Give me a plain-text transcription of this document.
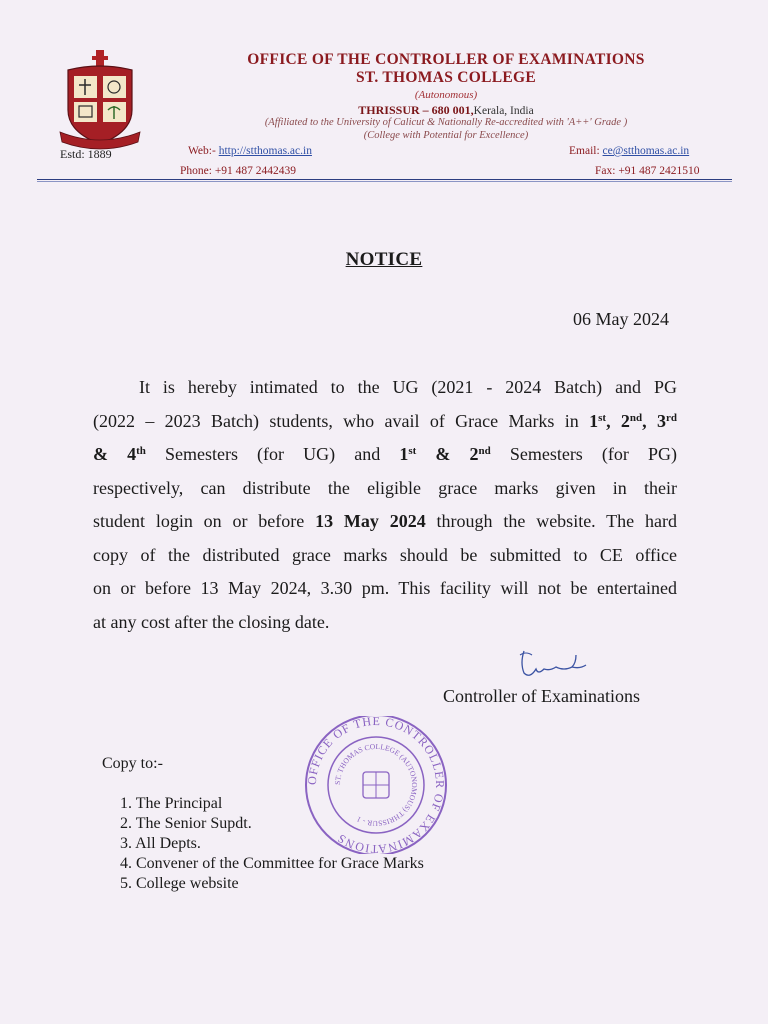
Estd: 1889
OFFICE OF THE CONTROLLER OF EXAMINATIONS
ST. THOMAS COLLEGE
(Autonomous)
THRISSUR – 680 001,Kerala, India
(Affiliated to the University of Calicut & Nationally Re-accredited with 'A++' Grade )
(College with Potential for Excellence)
Web:- http://stthomas.ac.in	Email: ce@stthomas.ac.in
Phone: +91 487 2442439	Fax: +91 487 2421510
NOTICE
06 May 2024
It is hereby intimated to the UG (2021 - 2024 Batch) and PG
(2022 – 2023 Batch) students, who avail of Grace Marks in 1st, 2nd, 3rd
& 4th Semesters (for UG) and 1st & 2nd Semesters (for PG)
respectively, can distribute the eligible grace marks given in their
student login on or before 13 May 2024 through the website. The hard
copy of the distributed grace marks should be submitted to CE office
on or before 13 May 2024, 3.30 pm. This facility will not be entertained
at any cost after the closing date.
Controller of Examinations
OFFICE OF THE CONTROLLER OF EXAMINATIONS
ST. THOMAS COLLEGE (AUTONOMOUS) THRISSUR - 1
Copy to:-
1. The Principal
2. The Senior Supdt.
3. All Depts.
4. Convener of the Committee for Grace Marks
5. College website
